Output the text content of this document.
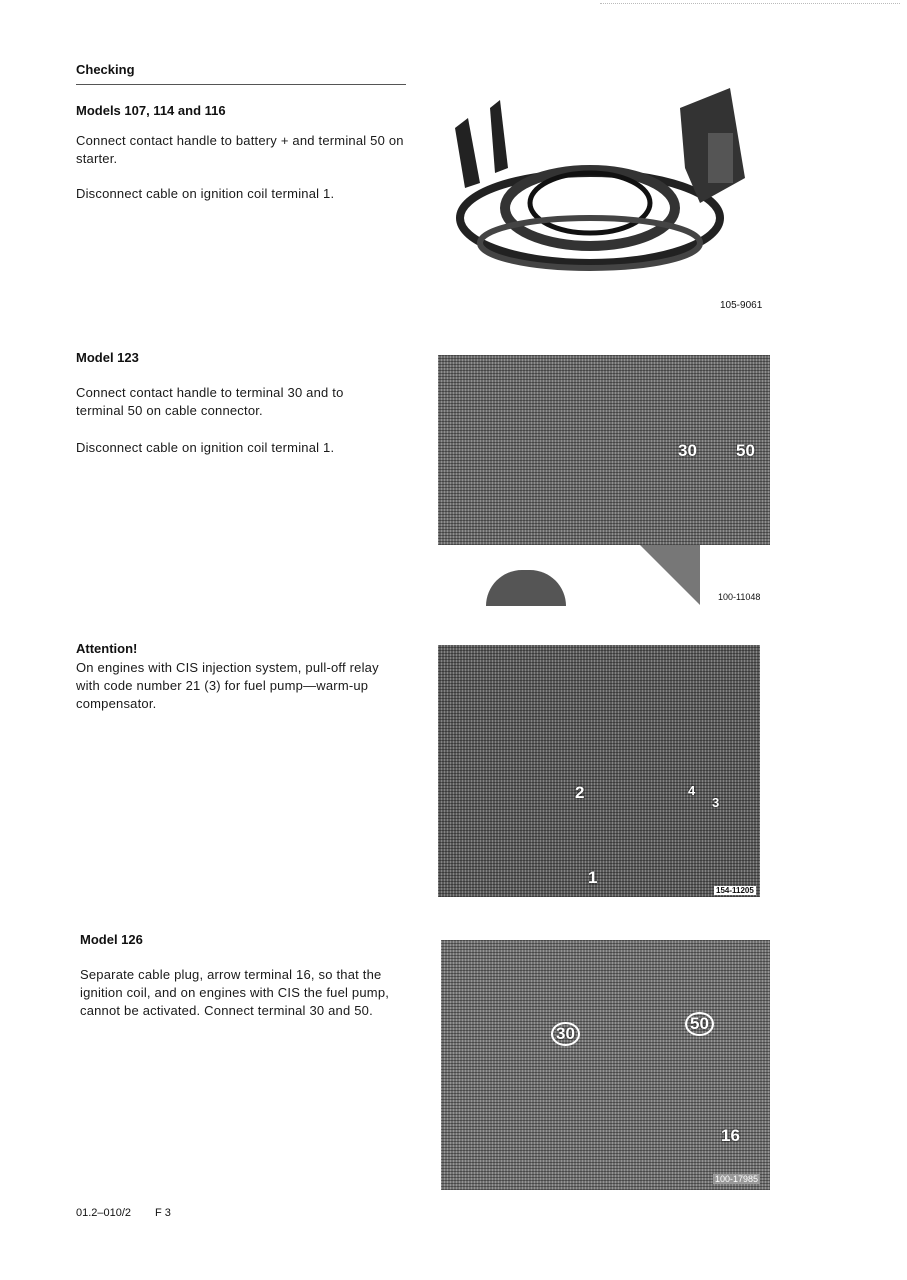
Checking
Models 107, 114 and 116
Connect contact handle to battery + and terminal 50 on starter.
Disconnect cable on ignition coil terminal 1.
105-9061
Model 123
Connect contact handle to terminal 30 and to terminal 50 on cable connector.
Disconnect cable on ignition coil terminal 1.	30 50
100-11048
Attention!
On engines with CIS injection system, pull-off relay with code number 21 (3) for fuel pump—warm-up compensator.
1
2
3
4
154-11205
Model 126
Separate cable plug, arrow terminal 16, so that the ignition coil, and on engines with CIS the fuel pump, cannot be activated. Connect terminal 30 and 50.
30
50
16
100-17985
01.2–010/2 F 3
